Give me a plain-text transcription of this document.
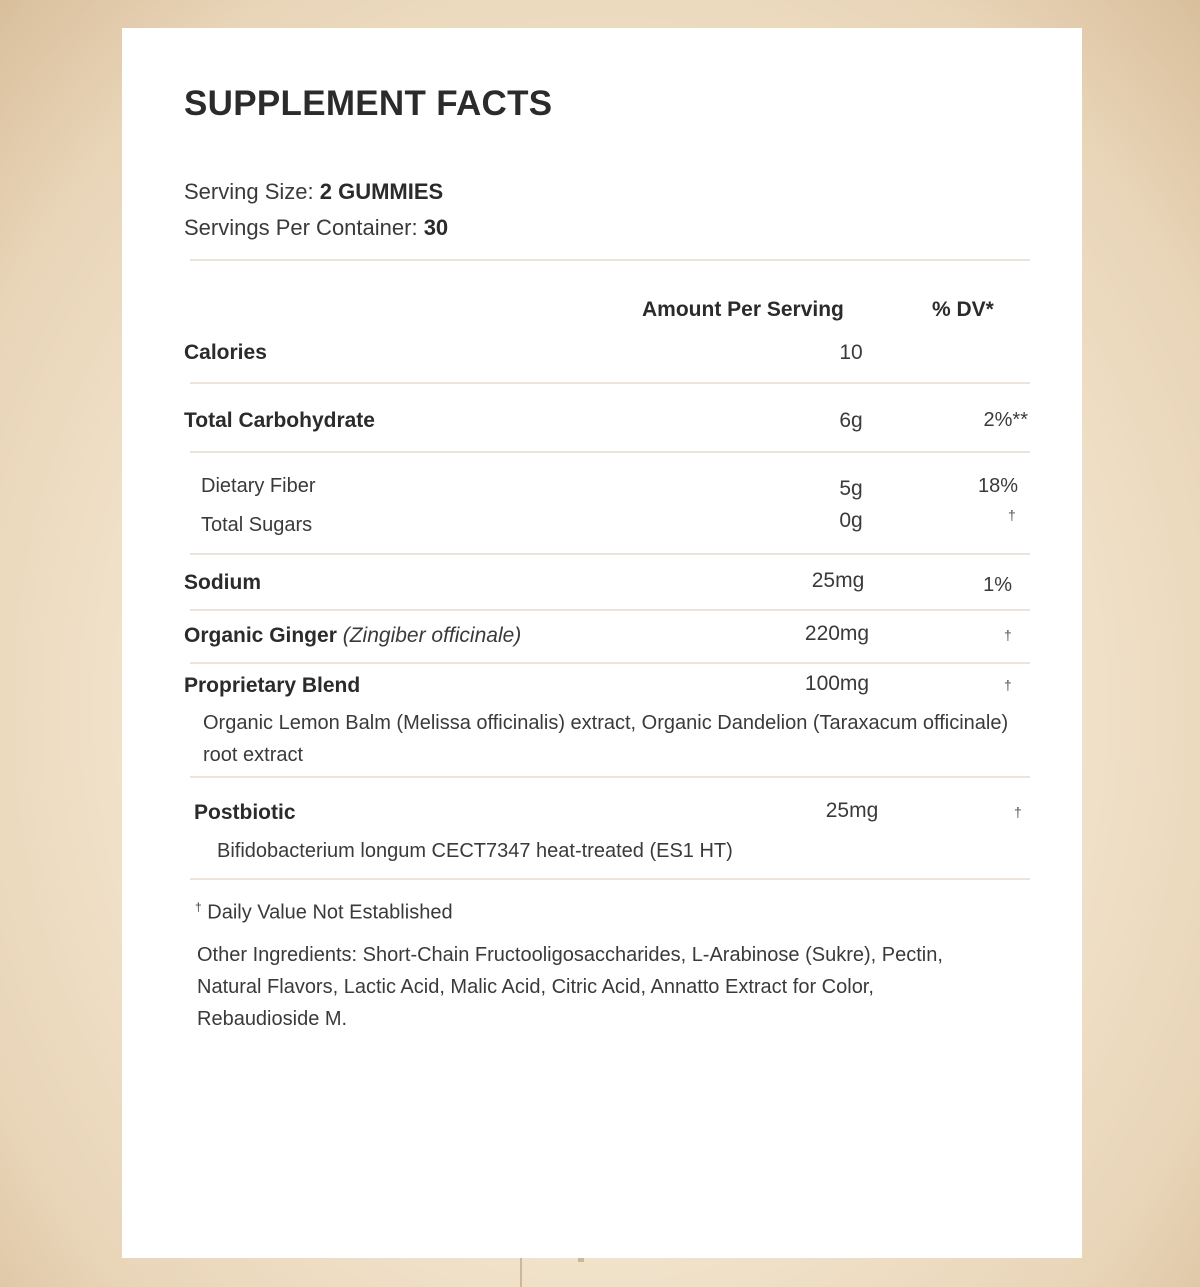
SUPPLEMENT FACTS
Serving Size: 2 GUMMIES
Servings Per Container: 30
Amount Per Serving	% DV*
Calories	10
Total Carbohydrate	6g	2%**
Dietary Fiber	5g	18%
Total Sugars	0g	†
Sodium	25mg	1%
Organic Ginger (Zingiber officinale)	220mg	†
Proprietary Blend	100mg	†
Organic Lemon Balm (Melissa officinalis) extract, Organic Dandelion (Taraxacum officinale) root extract
Postbiotic	25mg	†
Bifidobacterium longum CECT7347 heat-treated (ES1 HT)
† Daily Value Not Established
Other Ingredients: Short-Chain Fructooligosaccharides, L-Arabinose (Sukre), Pectin, Natural Flavors, Lactic Acid, Malic Acid, Citric Acid, Annatto Extract for Color, Rebaudioside M.
